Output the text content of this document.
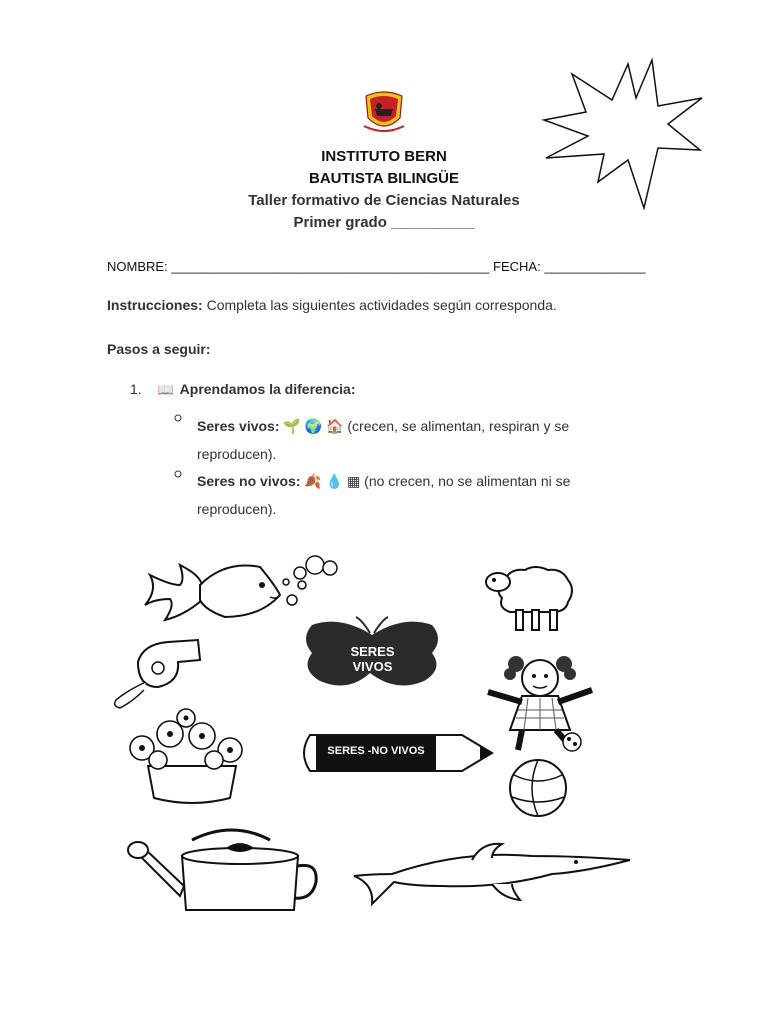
INSTITUTO BERN
BAUTISTA BILINGÜE
Taller formativo de Ciencias Naturales
Primer grado __________
NOMBRE: ____________________________________________ FECHA: ______________
Instrucciones: Completa las siguientes actividades según corresponda.
Pasos a seguir:
1. 📖 Aprendamos la diferencia:
Seres vivos: 🌱 🌍 🏠 (crecen, se alimentan, respiran y se
reproducen).
Seres no vivos: 🍂 💧 ▦ (no crecen, no se alimentan ni se
reproducen).
SERES
VIVOS
SERES -NO VIVOS
